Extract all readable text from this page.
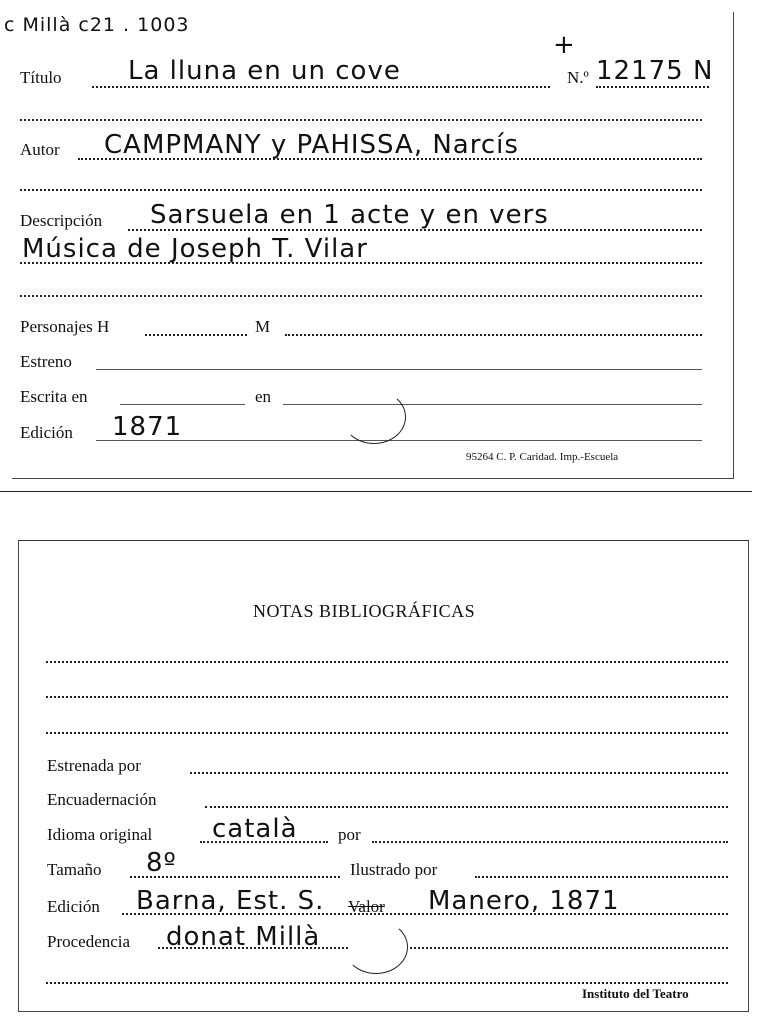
c Millà c21 . 1003
+
Título	La lluna en un cove	N.º 12175 N
Autor CAMPMANY y PAHISSA, Narcís
Descripción Sarsuela en 1 acte y en vers
Música de Joseph T. Vilar
Personajes H	M
Estreno
Escrita en	en
Edición 1871
95264 C. P. Caridad. Imp.-Escuela
NOTAS BIBLIOGRÁFICAS
Estrenada por
Encuadernación
Idioma original català por
Tamaño 8º	Ilustrado por
Edición Barna, Est. S. Valor Manero, 1871
Procedencia donat Millà
Instituto del Teatro
